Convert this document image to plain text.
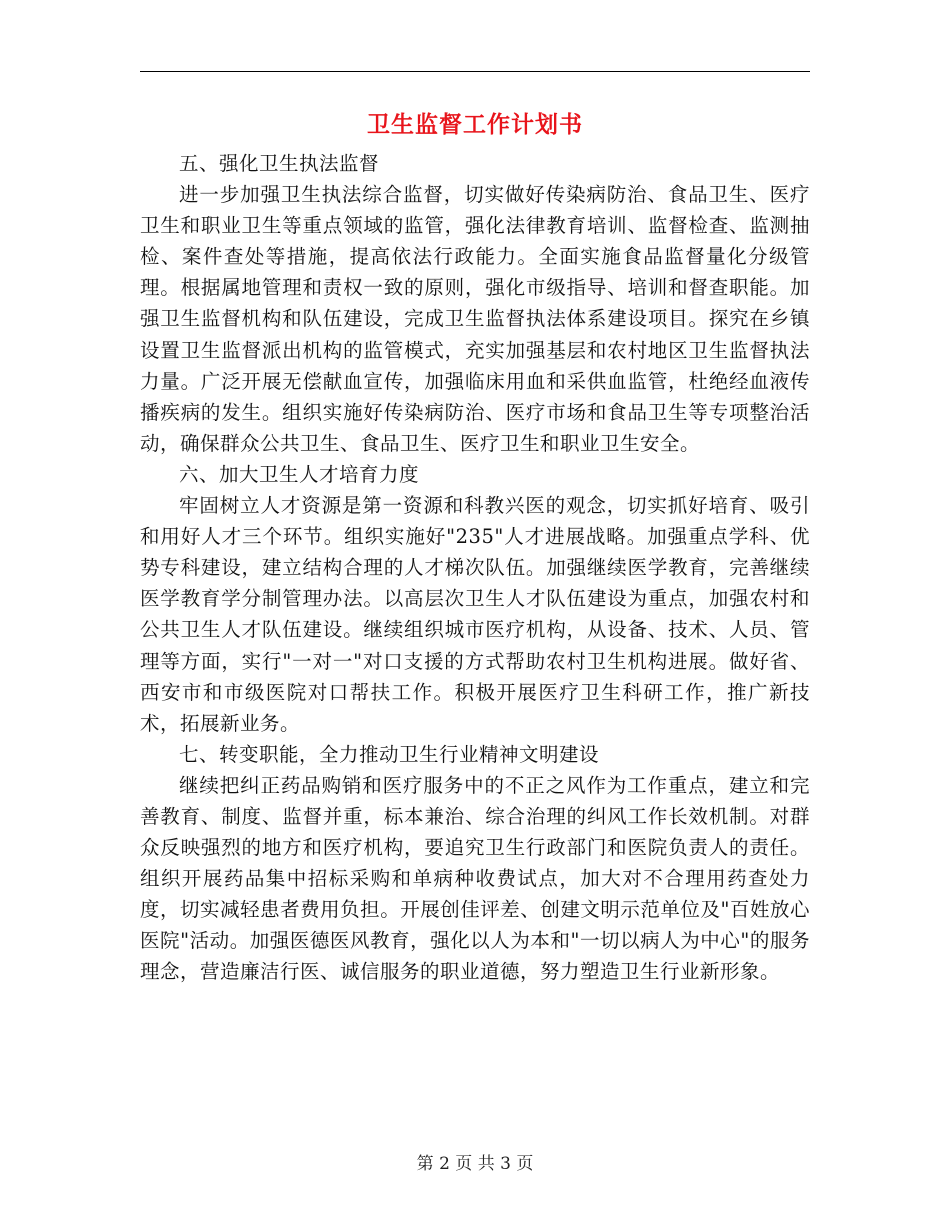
卫生监督工作计划书

五、强化卫生执法监督

进一步加强卫生执法综合监督，切实做好传染病防治、食品卫生、医疗卫生和职业卫生等重点领域的监管，强化法律教育培训、监督检查、监测抽检、案件查处等措施，提高依法行政能力。全面实施食品监督量化分级管理。根据属地管理和责权一致的原则，强化市级指导、培训和督查职能。加强卫生监督机构和队伍建设，完成卫生监督执法体系建设项目。探究在乡镇设置卫生监督派出机构的监管模式，充实加强基层和农村地区卫生监督执法力量。广泛开展无偿献血宣传，加强临床用血和采供血监管，杜绝经血液传播疾病的发生。组织实施好传染病防治、医疗市场和食品卫生等专项整治活动，确保群众公共卫生、食品卫生、医疗卫生和职业卫生安全。

六、加大卫生人才培育力度

牢固树立人才资源是第一资源和科教兴医的观念，切实抓好培育、吸引和用好人才三个环节。组织实施好"235"人才进展战略。加强重点学科、优势专科建设，建立结构合理的人才梯次队伍。加强继续医学教育，完善继续医学教育学分制管理办法。以高层次卫生人才队伍建设为重点，加强农村和公共卫生人才队伍建设。继续组织城市医疗机构，从设备、技术、人员、管理等方面，实行"一对一"对口支援的方式帮助农村卫生机构进展。做好省、西安市和市级医院对口帮扶工作。积极开展医疗卫生科研工作，推广新技术，拓展新业务。

七、转变职能，全力推动卫生行业精神文明建设

继续把纠正药品购销和医疗服务中的不正之风作为工作重点，建立和完善教育、制度、监督并重，标本兼治、综合治理的纠风工作长效机制。对群众反映强烈的地方和医疗机构，要追究卫生行政部门和医院负责人的责任。组织开展药品集中招标采购和单病种收费试点，加大对不合理用药查处力度，切实减轻患者费用负担。开展创佳评差、创建文明示范单位及"百姓放心医院"活动。加强医德医风教育，强化以人为本和"一切以病人为中心"的服务理念，营造廉洁行医、诚信服务的职业道德，努力塑造卫生行业新形象。

第 2 页 共 3 页
